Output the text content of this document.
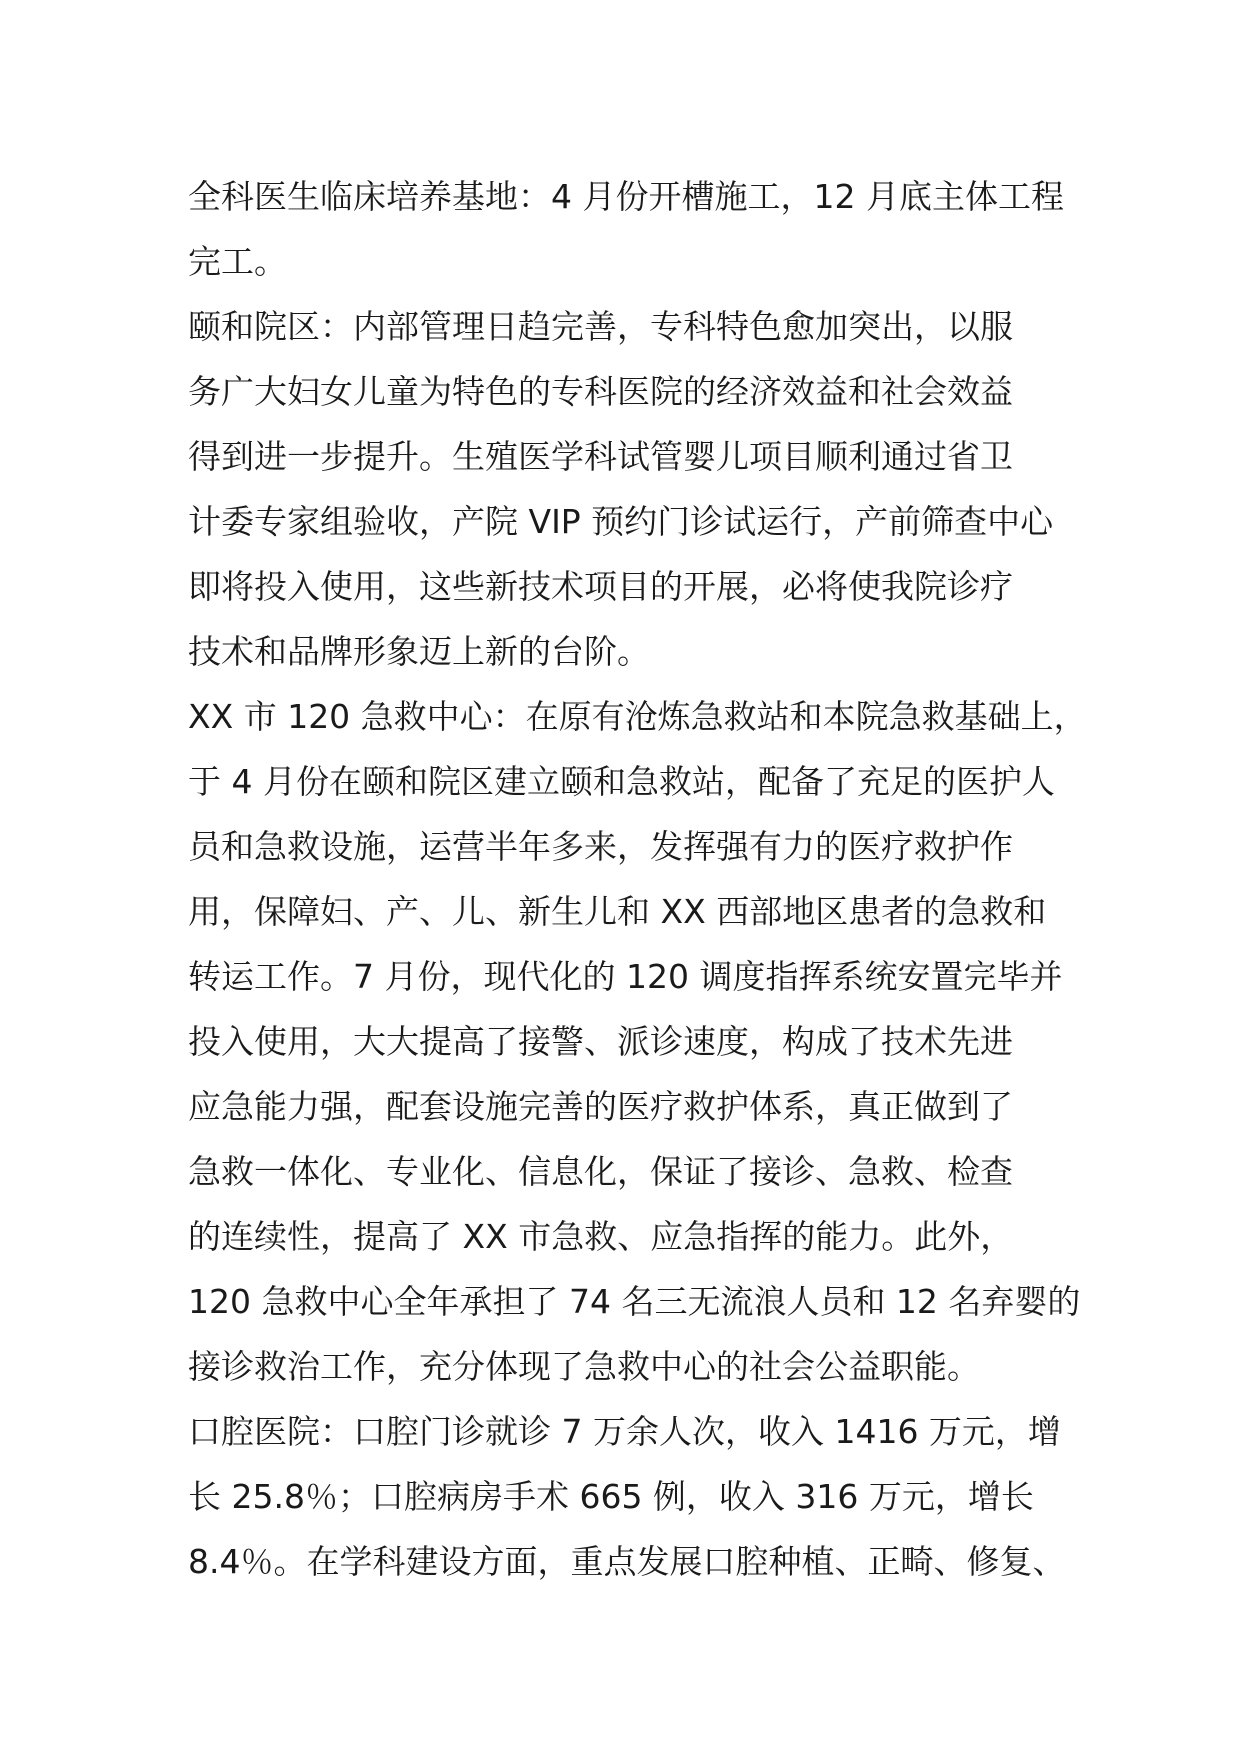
全科医生临床培养基地：4 月份开槽施工，12 月底主体工程
完工。
颐和院区：内部管理日趋完善，专科特色愈加突出，以服
务广大妇女儿童为特色的专科医院的经济效益和社会效益
得到进一步提升。生殖医学科试管婴儿项目顺利通过省卫
计委专家组验收，产院 VIP 预约门诊试运行，产前筛查中心
即将投入使用，这些新技术项目的开展，必将使我院诊疗
技术和品牌形象迈上新的台阶。
XX 市 120 急救中心：在原有沧炼急救站和本院急救基础上，
于 4 月份在颐和院区建立颐和急救站，配备了充足的医护人
员和急救设施，运营半年多来，发挥强有力的医疗救护作
用，保障妇、产、儿、新生儿和 XX 西部地区患者的急救和
转运工作。7 月份，现代化的 120 调度指挥系统安置完毕并
投入使用，大大提高了接警、派诊速度，构成了技术先进
应急能力强，配套设施完善的医疗救护体系，真正做到了
急救一体化、专业化、信息化，保证了接诊、急救、检查
的连续性，提高了 XX 市急救、应急指挥的能力。此外，
120 急救中心全年承担了 74 名三无流浪人员和 12 名弃婴的
接诊救治工作，充分体现了急救中心的社会公益职能。
口腔医院：口腔门诊就诊 7 万余人次，收入 1416 万元，增
长 25.8％；口腔病房手术 665 例，收入 316 万元，增长
8.4％。在学科建设方面，重点发展口腔种植、正畸、修复、
